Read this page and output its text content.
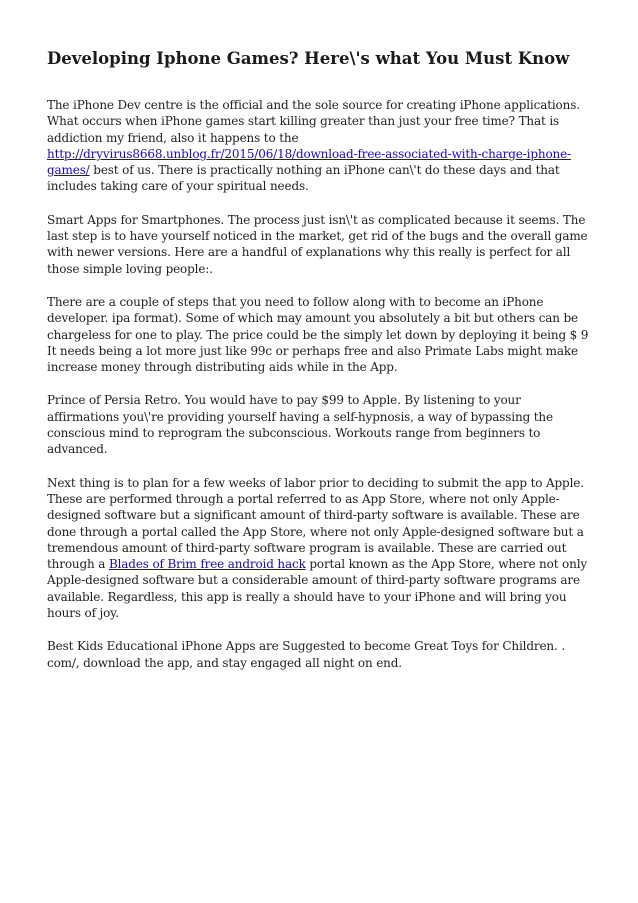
Developing Iphone Games? Here\'s what You Must Know

The iPhone Dev centre is the official and the sole source for creating iPhone applications. What occurs when iPhone games start killing greater than just your free time? That is addiction my friend, also it happens to the http://dryvirus8668.unblog.fr/2015/06/18/download-free-associated-with-charge-iphone-games/ best of us. There is practically nothing an iPhone can\'t do these days and that includes taking care of your spiritual needs.

Smart Apps for Smartphones. The process just isn\'t as complicated because it seems. The last step is to have yourself noticed in the market, get rid of the bugs and the overall game with newer versions. Here are a handful of explanations why this really is perfect for all those simple loving people:.

There are a couple of steps that you need to follow along with to become an iPhone developer. ipa format). Some of which may amount you absolutely a bit but others can be chargeless for one to play. The price could be the simply let down by deploying it being $ 9 It needs being a lot more just like 99c or perhaps free and also Primate Labs might make increase money through distributing aids while in the App.

Prince of Persia Retro. You would have to pay $99 to Apple. By listening to your affirmations you\'re providing yourself having a self-hypnosis, a way of bypassing the conscious mind to reprogram the subconscious. Workouts range from beginners to advanced.

Next thing is to plan for a few weeks of labor prior to deciding to submit the app to Apple. These are performed through a portal referred to as App Store, where not only Apple-designed software but a significant amount of third-party software is available. These are done through a portal called the App Store, where not only Apple-designed software but a tremendous amount of third-party software program is available. These are carried out through a Blades of Brim free android hack portal known as the App Store, where not only Apple-designed software but a considerable amount of third-party software programs are available. Regardless, this app is really a should have to your iPhone and will bring you hours of joy.

Best Kids Educational iPhone Apps are Suggested to become Great Toys for Children. . com/, download the app, and stay engaged all night on end.
